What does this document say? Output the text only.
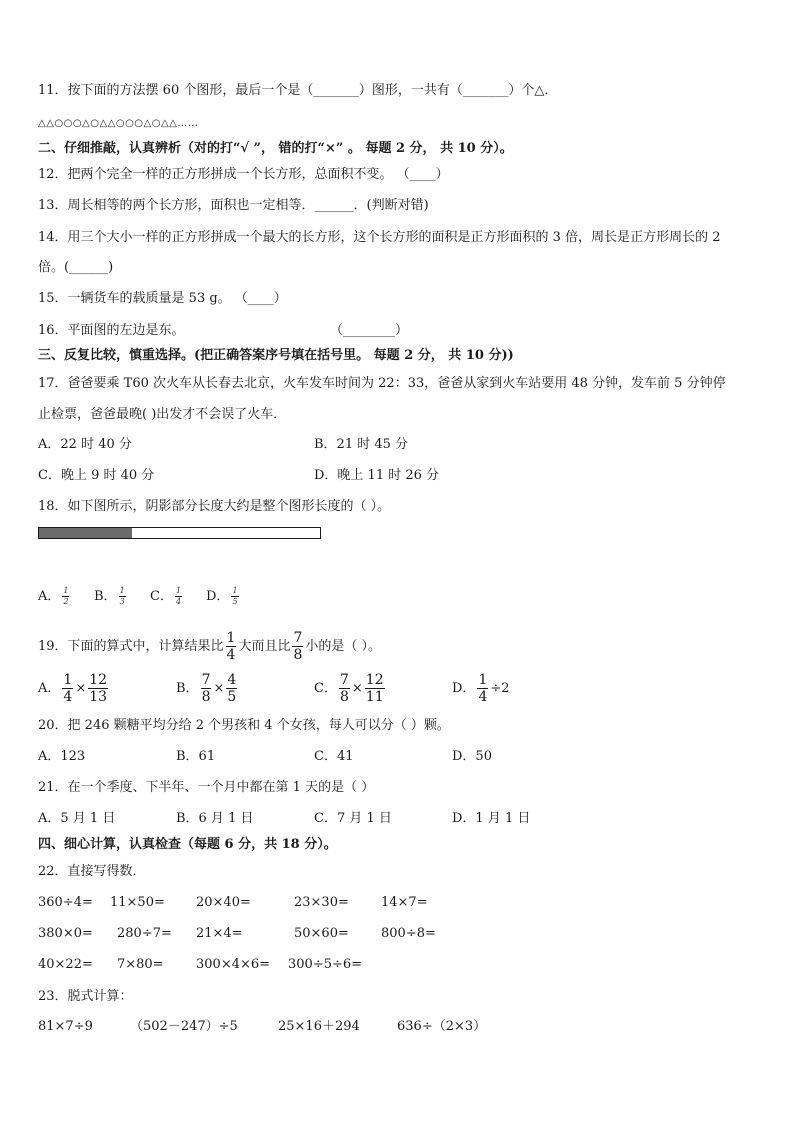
11．按下面的方法摆 60 个图形，最后一个是（_______）图形，一共有（_______）个△．
△△○○○△○△△○○○△○△△……
二、仔细推敲，认真辨析（对的打“√ ”， 错的打“×” 。 每题 2 分， 共 10 分）。
12．把两个完全一样的正方形拼成一个长方形，总面积不变。 （____）
13．周长相等的两个长方形，面积也一定相等．______．(判断对错)
14．用三个大小一样的正方形拼成一个最大的长方形，这个长方形的面积是正方形面积的 3 倍，周长是正方形周长的 2
倍。(______)
15．一辆货车的载质量是 53 g。 （____）
16．平面图的左边是东。	（________）
三、反复比较，慎重选择。(把正确答案序号填在括号里。 每题 2 分， 共 10 分))
17．爸爸要乘 T60 次火车从长春去北京，火车发车时间为 22：33，爸爸从家到火车站要用 48 分钟，发车前 5 分钟停
止检票，爸爸最晚( )出发才不会误了火车．
A．22 时 40 分	B．21 时 45 分
C．晚上 9 时 40 分	D．晚上 11 时 26 分
18．如下图所示，阴影部分长度大约是整个图形长度的（ ）。
A． $\frac{1}{2}$ B． $\frac{1}{3}$ C． $\frac{1}{4}$ D． $\frac{1}{5}$
19．下面的算式中，计算结果比 $\frac{1}{4}$ 大而且比 $\frac{7}{8}$ 小的是（ ）。
A． $\frac{1}{4} \times \frac{12}{13}$	B． $\frac{7}{8} \times \frac{4}{5}$	C． $\frac{7}{8} \times \frac{12}{11}$	D． $\frac{1}{4} \div 2$
20．把 246 颗糖平均分给 2 个男孩和 4 个女孩，每人可以分（ ）颗。
A．123	B．61	C．41	D．50
21．在一个季度、下半年、一个月中都在第 1 天的是（ ）
A．5 月 1 日	B．6 月 1 日	C．7 月 1 日	D．1 月 1 日
四、细心计算，认真检查（每题 6 分，共 18 分）。
22．直接写得数．
360÷4= 11×50= 20×40=	23×30= 14×7=
380×0= 280÷7= 21×4=	50×60= 800÷8=
40×22= 7×80= 300×4×6= 300÷5÷6=
23．脱式计算：
81×7÷9	（502－247）÷5	25×16＋294	636÷（2×3）
